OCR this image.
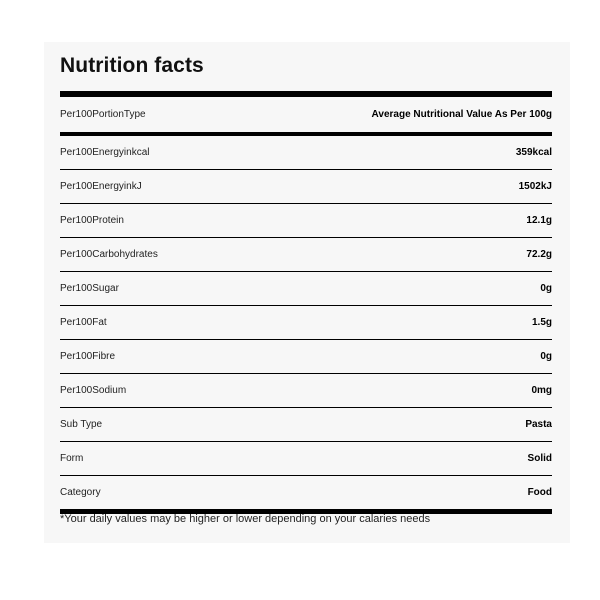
Nutrition facts
Per100PortionType	Average Nutritional Value As Per 100g
Per100Energyinkcal	359kcal
Per100EnergyinkJ	1502kJ
Per100Protein	12.1g
Per100Carbohydrates	72.2g
Per100Sugar	0g
Per100Fat	1.5g
Per100Fibre	0g
Per100Sodium	0mg
Sub Type	Pasta
Form	Solid
Category	Food
*Your daily values may be higher or lower depending on your calaries needs
